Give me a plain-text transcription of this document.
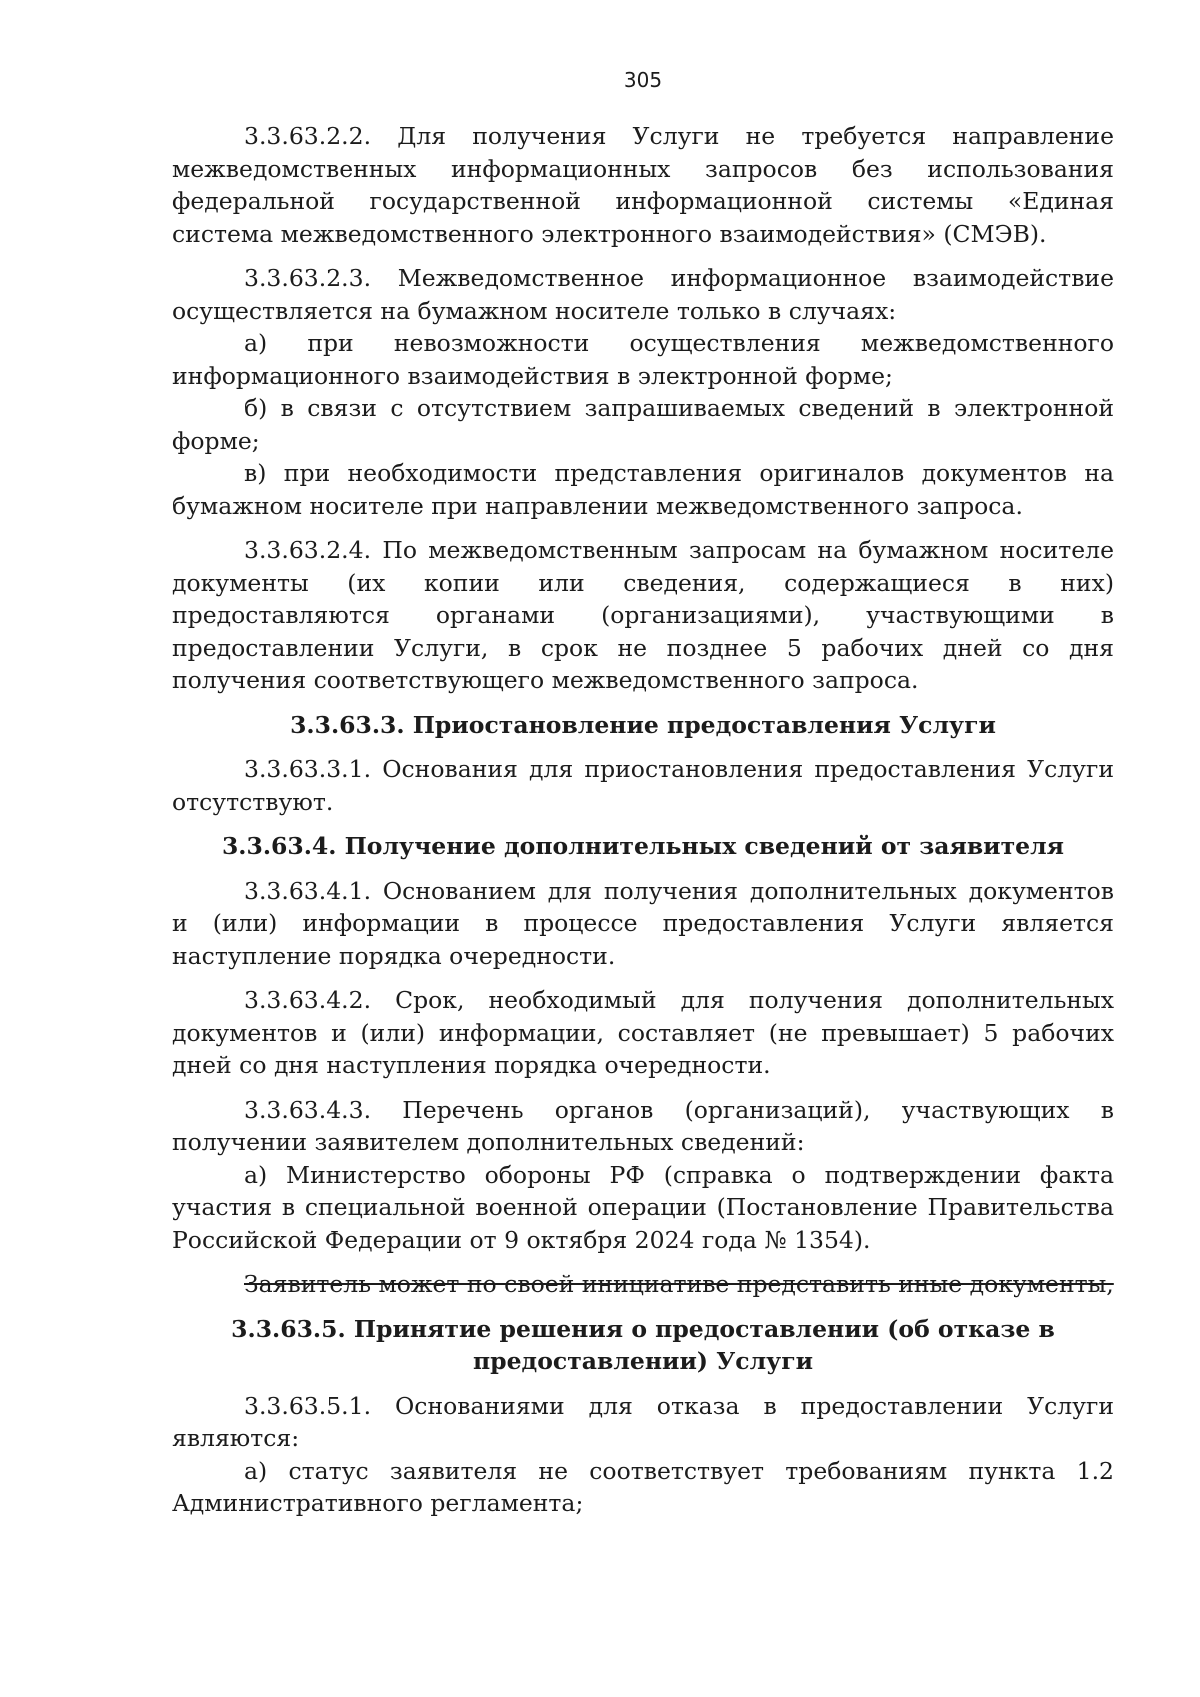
305

3.3.63.2.2. Для получения Услуги не требуется направление межведомственных информационных запросов без использования федеральной государственной информационной системы «Единая система межведомственного электронного взаимодействия» (СМЭВ).

3.3.63.2.3. Межведомственное информационное взаимодействие осуществляется на бумажном носителе только в случаях:

а) при невозможности осуществления межведомственного информационного взаимодействия в электронной форме;

б) в связи с отсутствием запрашиваемых сведений в электронной форме;

в) при необходимости представления оригиналов документов на бумажном носителе при направлении межведомственного запроса.

3.3.63.2.4. По межведомственным запросам на бумажном носителе документы (их копии или сведения, содержащиеся в них) предоставляются органами (организациями), участвующими в предоставлении Услуги, в срок не позднее 5 рабочих дней со дня получения соответствующего межведомственного запроса.

3.3.63.3. Приостановление предоставления Услуги

3.3.63.3.1. Основания для приостановления предоставления Услуги отсутствуют.

3.3.63.4. Получение дополнительных сведений от заявителя

3.3.63.4.1. Основанием для получения дополнительных документов и (или) информации в процессе предоставления Услуги является наступление порядка очередности.

3.3.63.4.2. Срок, необходимый для получения дополнительных документов и (или) информации, составляет (не превышает) 5 рабочих дней со дня наступления порядка очередности.

3.3.63.4.3. Перечень органов (организаций), участвующих в получении заявителем дополнительных сведений:

а) Министерство обороны РФ (справка о подтверждении факта участия в специальной военной операции (Постановление Правительства Российской Федерации от 9 октября 2024 года № 1354).

Заявитель может по своей инициативе представить иные документы,

3.3.63.5. Принятие решения о предоставлении (об отказе в предоставлении) Услуги

3.3.63.5.1. Основаниями для отказа в предоставлении Услуги являются:

а) статус заявителя не соответствует требованиям пункта 1.2 Административного регламента;
